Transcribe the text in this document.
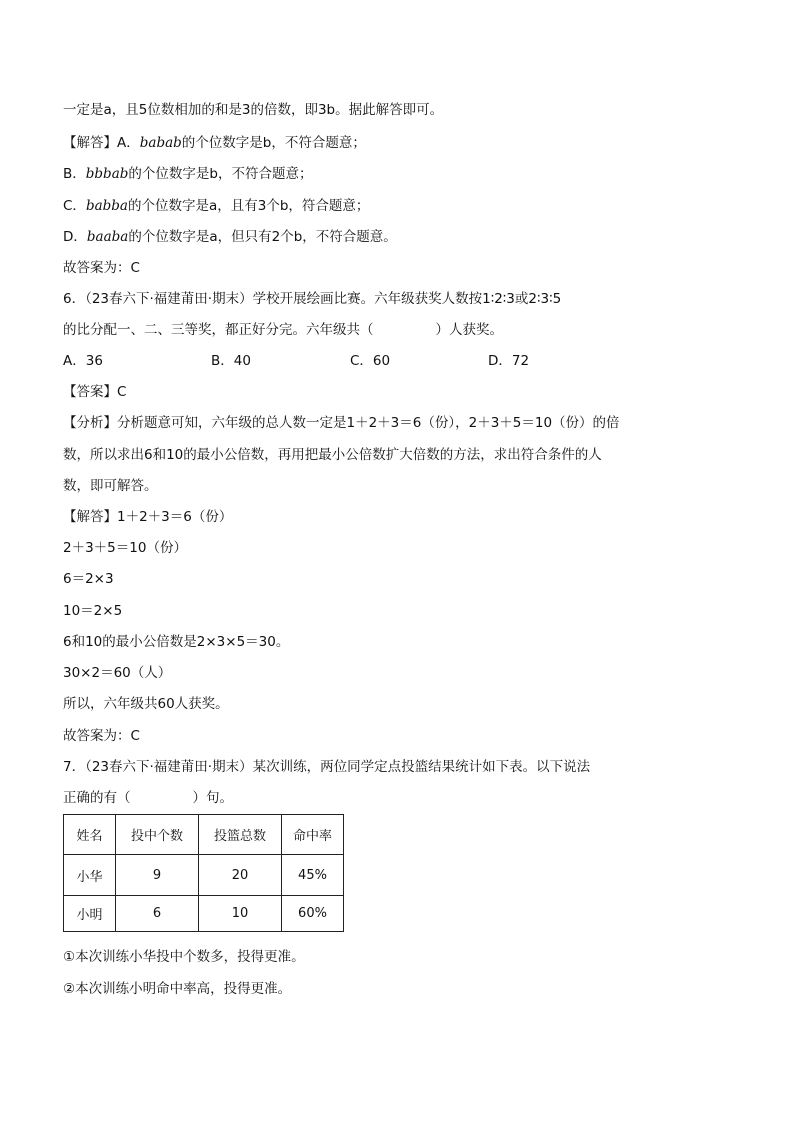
一定是a，且5位数相加的和是3的倍数，即3b。据此解答即可。
【解答】A．babab的个位数字是b，不符合题意；
B．bbbab的个位数字是b，不符合题意；
C．babba的个位数字是a，且有3个b，符合题意；
D．baaba的个位数字是a，但只有2个b，不符合题意。
故答案为：C
6．（23春六下·福建莆田·期末）学校开展绘画比赛。六年级获奖人数按1∶2∶3或2∶3∶5
的比分配一、二、三等奖，都正好分完。六年级共（	）人获奖。
A．36	B．40	C．60	D．72
【答案】C
【分析】分析题意可知，六年级的总人数一定是1＋2＋3＝6（份），2＋3＋5＝10（份）的倍
数，所以求出6和10的最小公倍数，再用把最小公倍数扩大倍数的方法，求出符合条件的人
数，即可解答。
【解答】1＋2＋3＝6（份）
2＋3＋5＝10（份）
6＝2×3
10＝2×5
6和10的最小公倍数是2×3×5＝30。
30×2＝60（人）
所以，六年级共60人获奖。
故答案为：C
7．（23春六下·福建莆田·期末）某次训练，两位同学定点投篮结果统计如下表。以下说法
正确的有（	）句。
姓名	投中个数	投篮总数	命中率
小华	9	20	45%
小明	6	10	60%
①本次训练小华投中个数多，投得更准。
②本次训练小明命中率高，投得更准。
